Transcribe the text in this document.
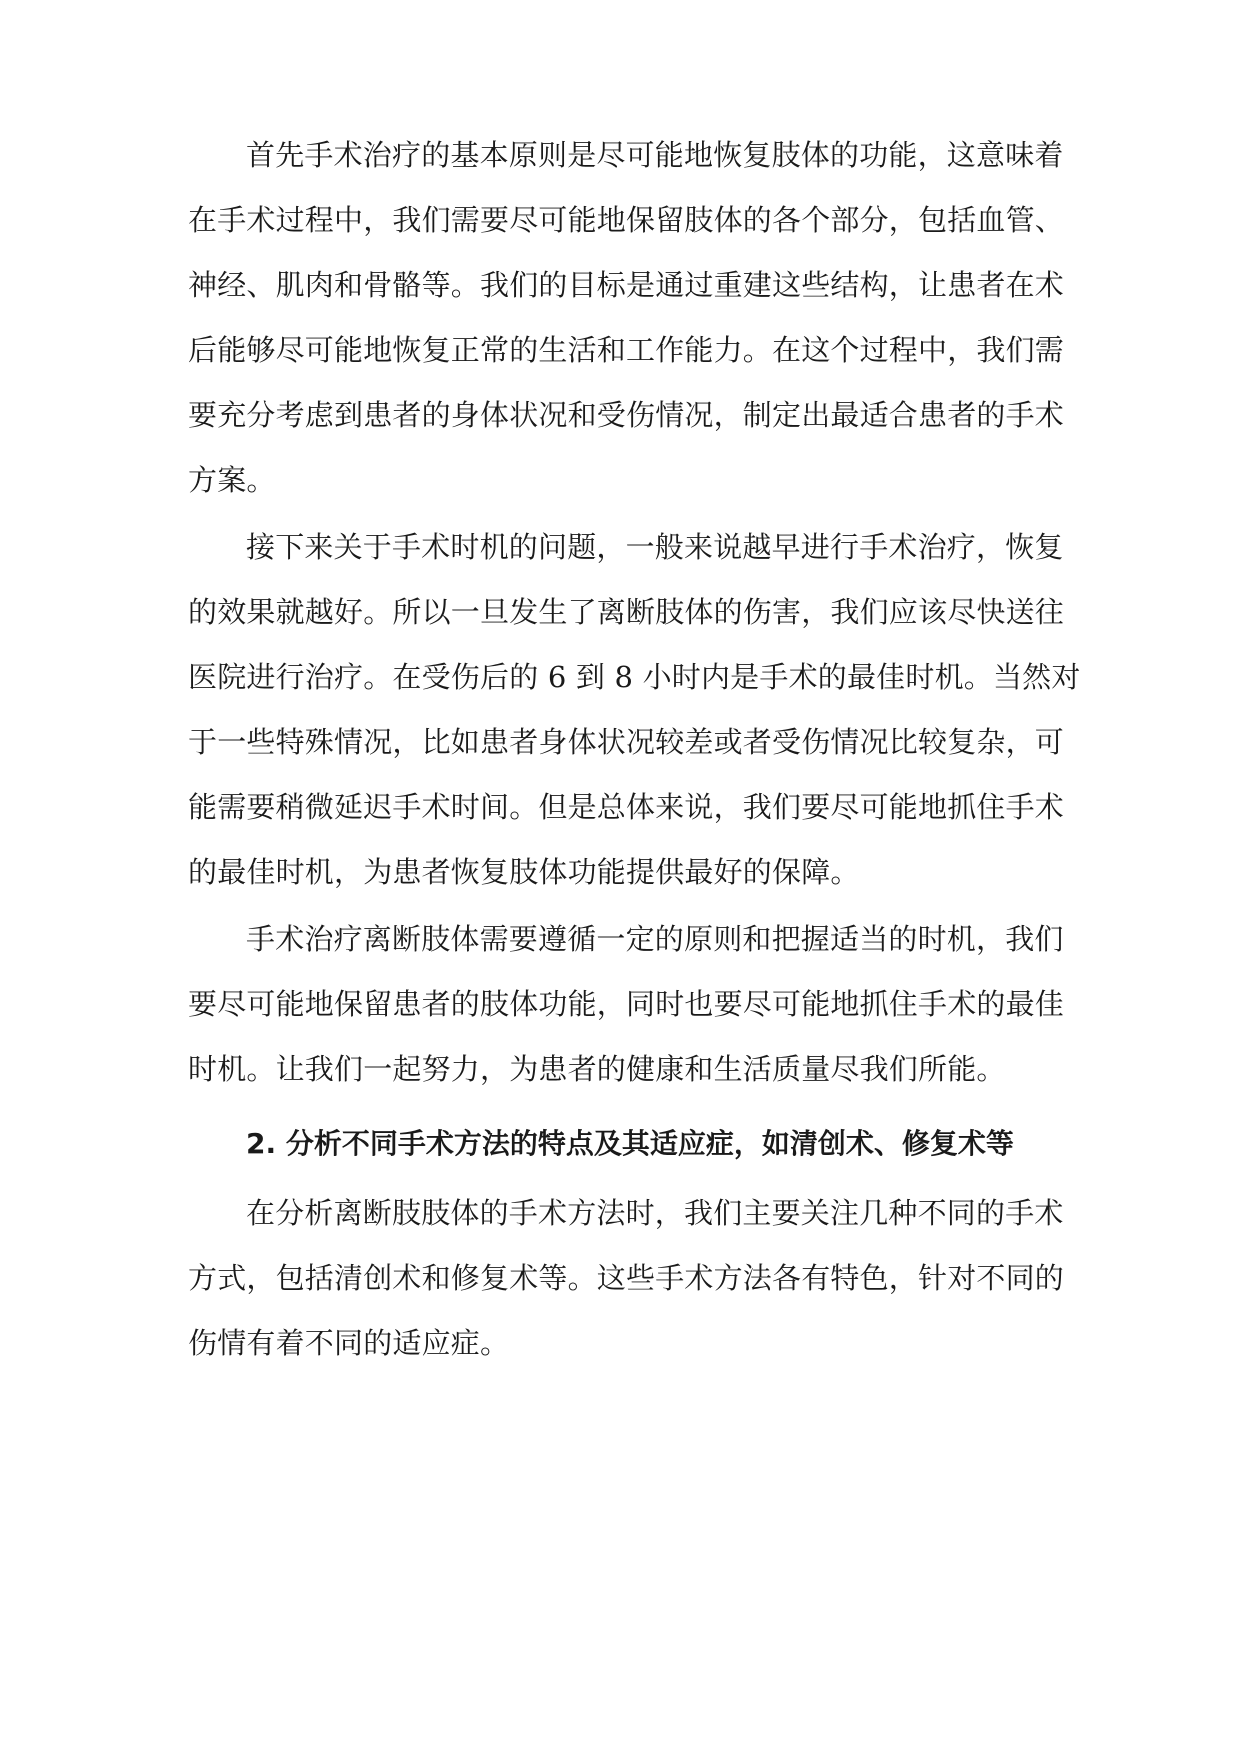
首先手术治疗的基本原则是尽可能地恢复肢体的功能，这意味着
在手术过程中，我们需要尽可能地保留肢体的各个部分，包括血管、
神经、肌肉和骨骼等。我们的目标是通过重建这些结构，让患者在术
后能够尽可能地恢复正常的生活和工作能力。在这个过程中，我们需
要充分考虑到患者的身体状况和受伤情况，制定出最适合患者的手术
方案。
接下来关于手术时机的问题，一般来说越早进行手术治疗，恢复
的效果就越好。所以一旦发生了离断肢体的伤害，我们应该尽快送往
医院进行治疗。在受伤后的 6 到 8 小时内是手术的最佳时机。当然对
于一些特殊情况，比如患者身体状况较差或者受伤情况比较复杂，可
能需要稍微延迟手术时间。但是总体来说，我们要尽可能地抓住手术
的最佳时机，为患者恢复肢体功能提供最好的保障。
手术治疗离断肢体需要遵循一定的原则和把握适当的时机，我们
要尽可能地保留患者的肢体功能，同时也要尽可能地抓住手术的最佳
时机。让我们一起努力，为患者的健康和生活质量尽我们所能。
2. 分析不同手术方法的特点及其适应症，如清创术、修复术等
在分析离断肢肢体的手术方法时，我们主要关注几种不同的手术
方式，包括清创术和修复术等。这些手术方法各有特色，针对不同的
伤情有着不同的适应症。
